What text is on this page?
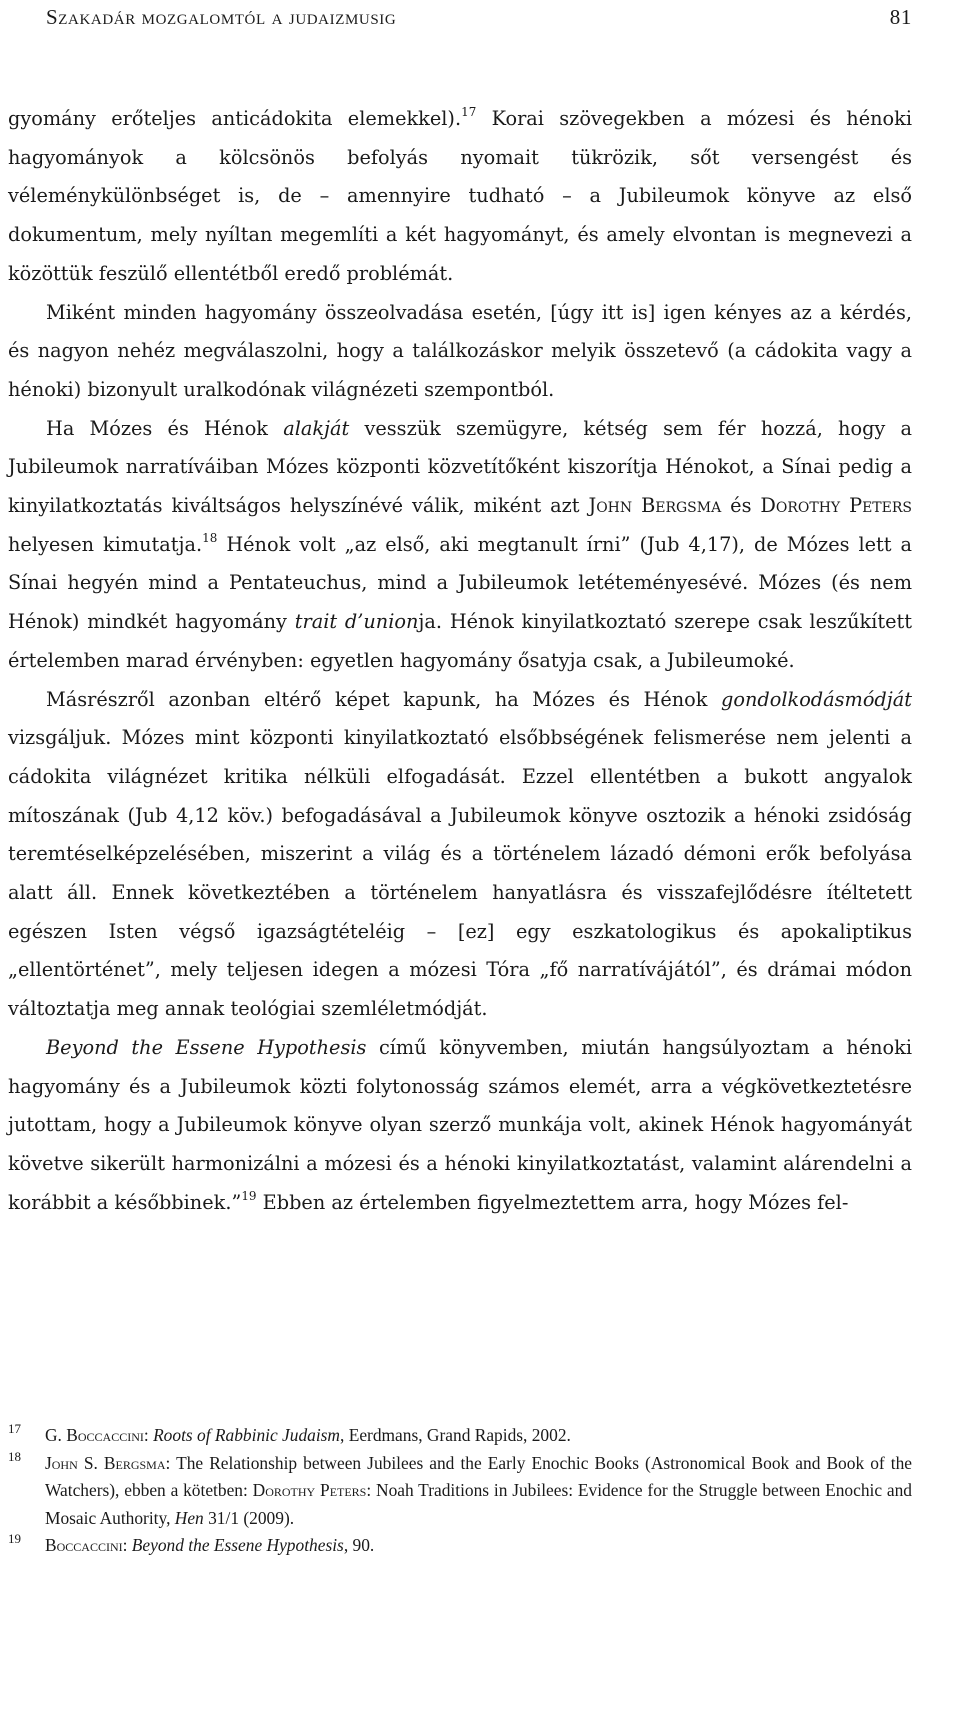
Szakadár mozgalomtól a judaizmusig	81

gyomány erőteljes anticádokita elemekkel).$^{17}$ Korai szövegekben a mózesi és hénoki hagyományok a kölcsönös befolyás nyomait tükrözik, sőt versengést és véleménykülönbséget is, de – amennyire tudható – a Jubileumok könyve az első dokumentum, mely nyíltan megemlíti a két hagyományt, és amely elvontan is megnevezi a közöttük feszülő ellentétből eredő problémát.

Miként minden hagyomány összeolvadása esetén, [úgy itt is] igen kényes az a kérdés, és nagyon nehéz megválaszolni, hogy a találkozáskor melyik összetevő (a cádokita vagy a hénoki) bizonyult uralkodónak világnézeti szempontból.

Ha Mózes és Hénok alakját vesszük szemügyre, kétség sem fér hozzá, hogy a Jubileumok narratíváiban Mózes központi közvetítőként kiszorítja Hénokot, a Sínai pedig a kinyilatkoztatás kiváltságos helyszínévé válik, miként azt John Bergsma és Dorothy Peters helyesen kimutatja.$^{18}$ Hénok volt „az első, aki megtanult írni” (Jub 4,17), de Mózes lett a Sínai hegyén mind a Pentateuchus, mind a Jubileumok letéteményesévé. Mózes (és nem Hénok) mindkét hagyomány trait d’unionja. Hénok kinyilatkoztató szerepe csak leszűkített értelemben marad érvényben: egyetlen hagyomány ősatyja csak, a Jubileumoké.

Másrészről azonban eltérő képet kapunk, ha Mózes és Hénok gondolkodásmódját vizsgáljuk. Mózes mint központi kinyilatkoztató elsőbbségének felismerése nem jelenti a cádokita világnézet kritika nélküli elfogadását. Ezzel ellentétben a bukott angyalok mítoszának (Jub 4,12 köv.) befogadásával a Jubileumok könyve osztozik a hénoki zsidóság teremtéselképzelésében, miszerint a világ és a történelem lázadó démoni erők befolyása alatt áll. Ennek következtében a történelem hanyatlásra és visszafejlődésre ítéltetett egészen Isten végső igazságtételéig – [ez] egy eszkatologikus és apokaliptikus „ellentörténet”, mely teljesen idegen a mózesi Tóra „fő narratívájától”, és drámai módon változtatja meg annak teológiai szemléletmódját.

Beyond the Essene Hypothesis című könyvemben, miután hangsúlyoztam a hénoki hagyomány és a Jubileumok közti folytonosság számos elemét, arra a végkövetkeztetésre jutottam, hogy a Jubileumok könyve olyan szerző munkája volt, akinek Hénok hagyományát követve sikerült harmonizálni a mózesi és a hénoki kinyilatkoztatást, valamint alárendelni a korábbit a későbbinek.”$^{19}$ Ebben az értelemben figyelmeztettem arra, hogy Mózes fel-

17 G. Boccaccini: Roots of Rabbinic Judaism, Eerdmans, Grand Rapids, 2002.
18 John S. Bergsma: The Relationship between Jubilees and the Early Enochic Books (Astronomical Book and Book of the Watchers), ebben a kötetben: Dorothy Peters: Noah Traditions in Jubilees: Evidence for the Struggle between Enochic and Mosaic Authority, Hen 31/1 (2009).
19 Boccaccini: Beyond the Essene Hypothesis, 90.
